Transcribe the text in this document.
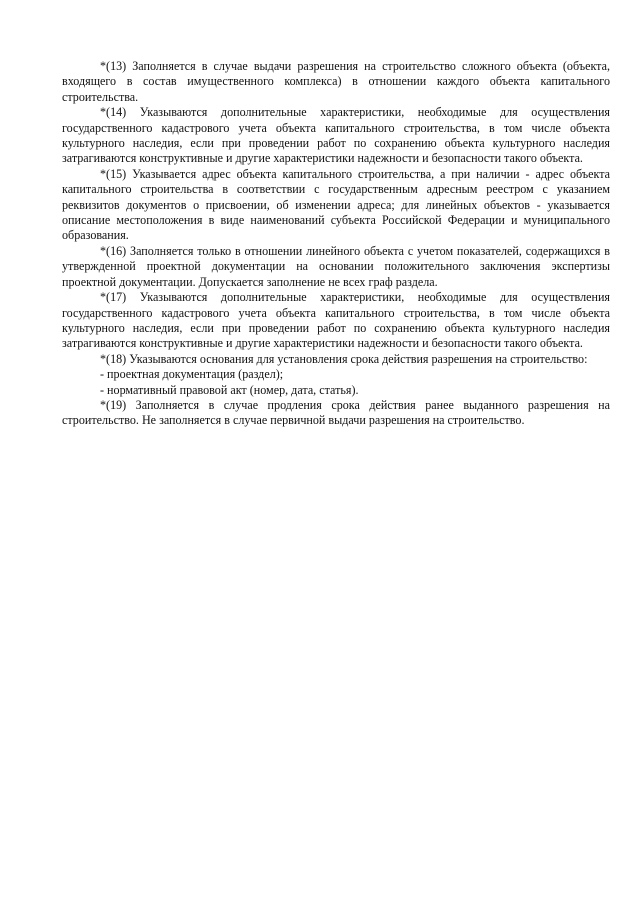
*(13) Заполняется в случае выдачи разрешения на строительство сложного объекта (объекта, входящего в состав имущественного комплекса) в отношении каждого объекта капитального строительства.

*(14) Указываются дополнительные характеристики, необходимые для осуществления государственного кадастрового учета объекта капитального строительства, в том числе объекта культурного наследия, если при проведении работ по сохранению объекта культурного наследия затрагиваются конструктивные и другие характеристики надежности и безопасности такого объекта.

*(15) Указывается адрес объекта капитального строительства, а при наличии - адрес объекта капитального строительства в соответствии с государственным адресным реестром с указанием реквизитов документов о присвоении, об изменении адреса; для линейных объектов - указывается описание местоположения в виде наименований субъекта Российской Федерации и муниципального образования.

*(16) Заполняется только в отношении линейного объекта с учетом показателей, содержащихся в утвержденной проектной документации на основании положительного заключения экспертизы проектной документации. Допускается заполнение не всех граф раздела.

*(17) Указываются дополнительные характеристики, необходимые для осуществления государственного кадастрового учета объекта капитального строительства, в том числе объекта культурного наследия, если при проведении работ по сохранению объекта культурного наследия затрагиваются конструктивные и другие характеристики надежности и безопасности такого объекта.

*(18) Указываются основания для установления срока действия разрешения на строительство:

- проектная документация (раздел);

- нормативный правовой акт (номер, дата, статья).

*(19) Заполняется в случае продления срока действия ранее выданного разрешения на строительство. Не заполняется в случае первичной выдачи разрешения на строительство.
